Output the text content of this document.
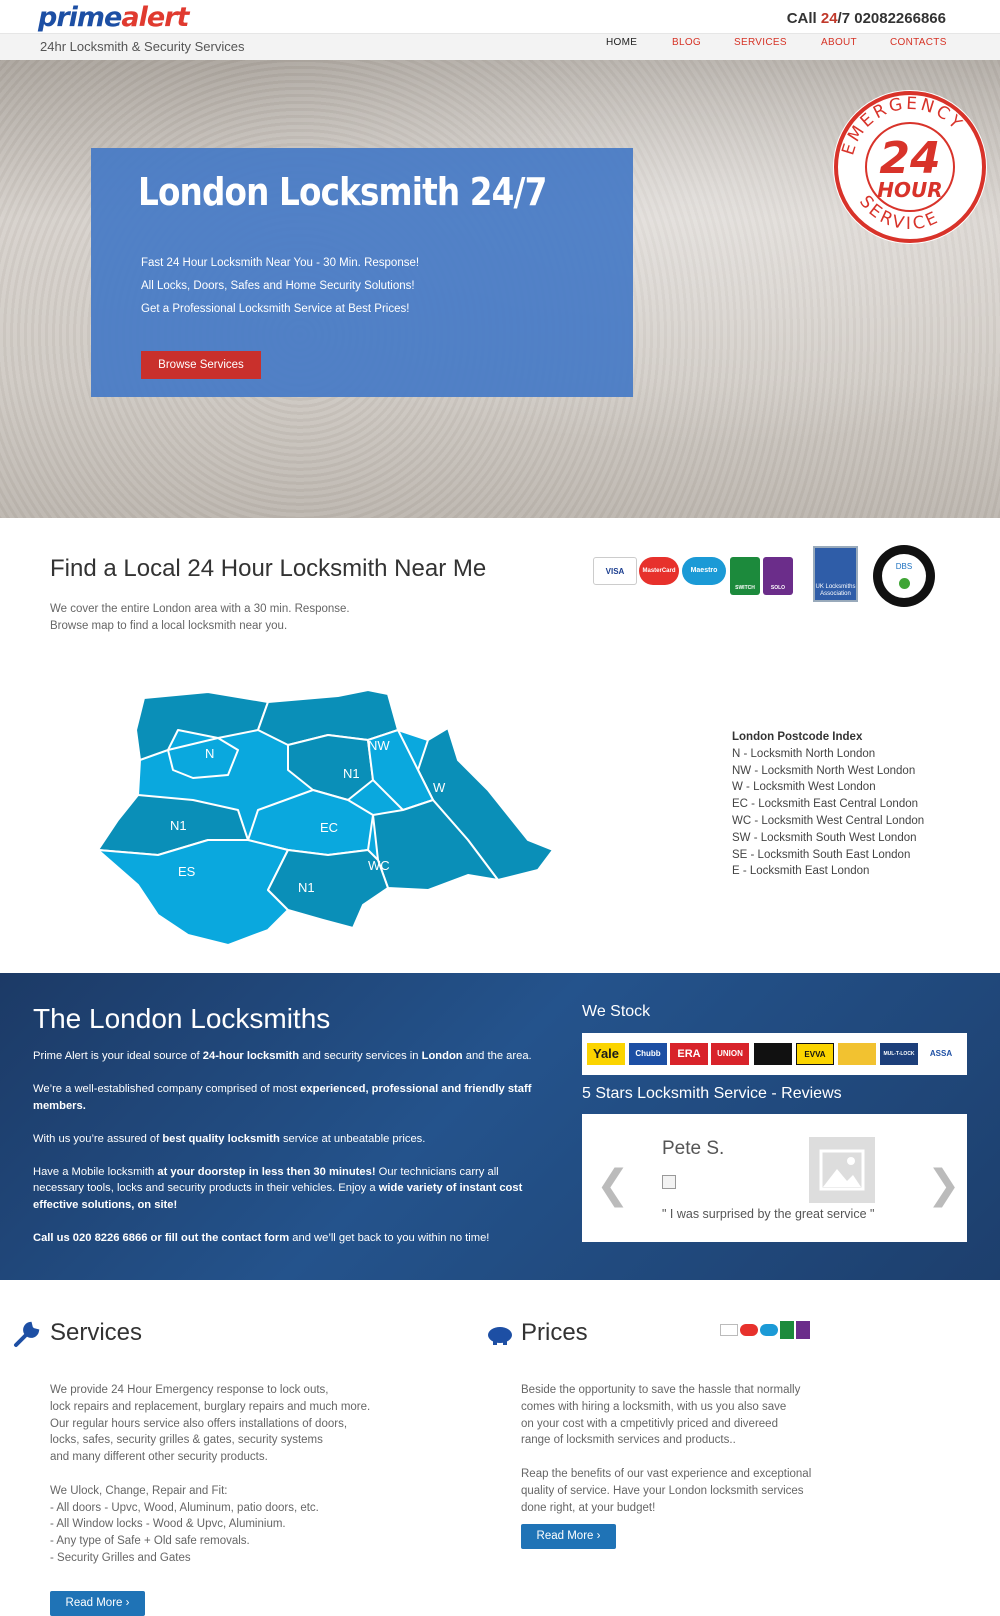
primealert
24hr Locksmith & Security Services
CAll 24/7 02082266866
HOME	BLOG	SERVICES	ABOUT	CONTACTS
London Locksmith 24/7
Fast 24 Hour Locksmith Near You - 30 Min. Response!
All Locks, Doors, Safes and Home Security Solutions!
Get a Professional Locksmith Service at Best Prices!
Browse Services
EMERGENCY
SERVICE
24
HOUR
Find a Local 24 Hour Locksmith Near Me
We cover the entire London area with a 30 min. Response.
Browse map to find a local locksmith near you.
VISA	MasterCard	Maestro
SWITCH	SOLO	UK Locksmiths Association
DBS
N
NW
N1
W
N1	EC
ES	WC
N1
London Postcode Index
N - Locksmith North London
NW - Locksmith North West London
W - Locksmith West London
EC - Locksmith East Central London
WC - Locksmith West Central London
SW - Locksmith South West London
SE - Locksmith South East London
E - Locksmith East London
The London Locksmiths

Prime Alert is your ideal source of 24-hour locksmith and security services in London and the area.

We’re a well-established company comprised of most experienced, professional and friendly staff members.

With us you’re assured of best quality locksmith service at unbeatable prices.

Have a Mobile locksmith at your doorstep in less then 30 minutes! Our technicians carry all necessary tools, locks and security products in their vehicles. Enjoy a wide variety of instant cost effective solutions, on site!

Call us 020 8226 6866 or fill out the contact form and we’ll get back to you within no time!

We Stock
Yale	Chubb	ERA	UNION	EVVA	MUL-T-LOCK	ASSA
5 Stars Locksmith Service - Reviews
❮
Pete S.
" I was surprised by the great service "
❯
Services
We provide 24 Hour Emergency response to lock outs,
lock repairs and replacement, burglary repairs and much more.
Our regular hours service also offers installations of doors,
locks, safes, security grilles & gates, security systems
and many different other security products.
We Ulock, Change, Repair and Fit:
- All doors - Upvc, Wood, Aluminum, patio doors, etc.
- All Window locks - Wood & Upvc, Aluminium.
- Any type of Safe + Old safe removals.
- Security Grilles and Gates
Read More ›
Prices
Beside the opportunity to save the hassle that normally
comes with hiring a locksmith, with us you also save
on your cost with a cmpetitivly priced and divereed
range of locksmith services and products..
Reap the benefits of our vast experience and exceptional
quality of service. Have your London locksmith services
done right, at your budget!
Read More ›
